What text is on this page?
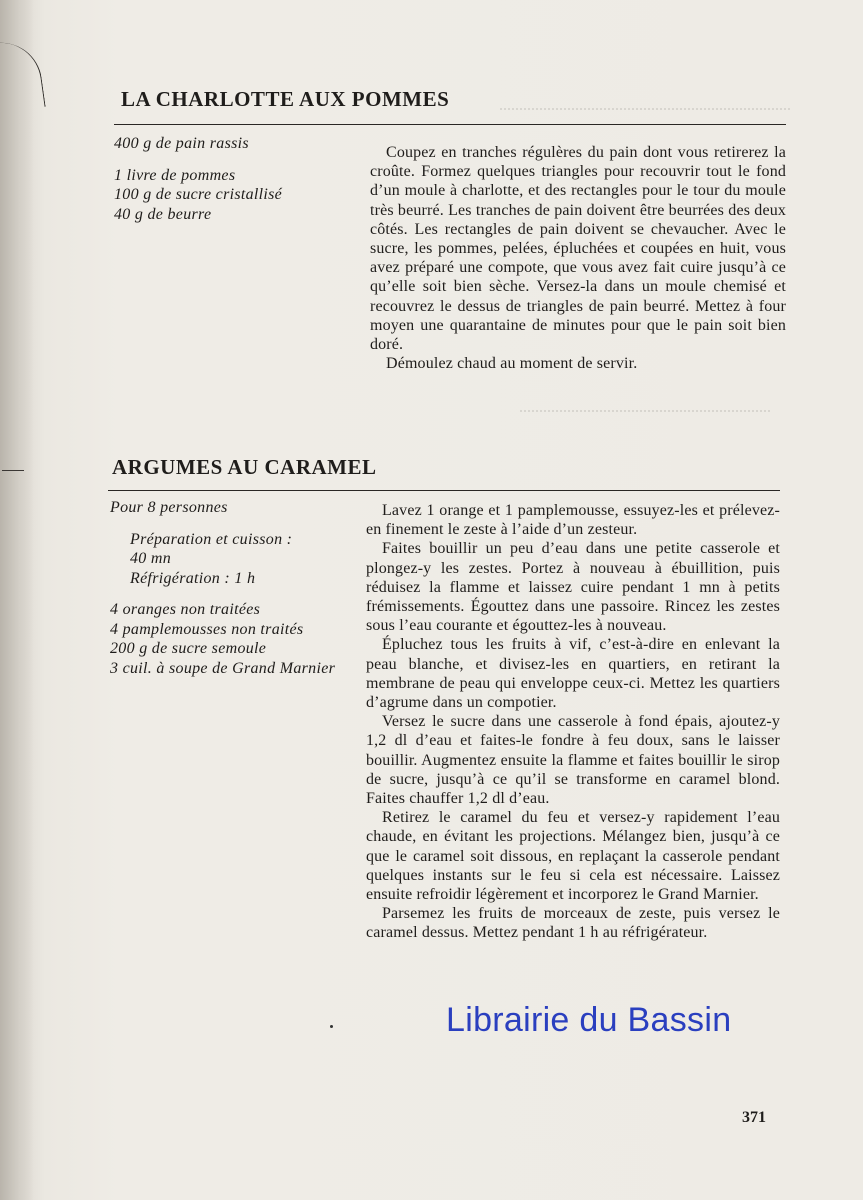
LA CHARLOTTE AUX POMMES

400 g de pain rassis

1 livre de pommes

100 g de sucre cristallisé

40 g de beurre

Coupez en tranches régulères du pain dont vous retirerez la croûte. Formez quelques triangles pour recouvrir tout le fond d’un moule à charlotte, et des rectangles pour le tour du moule très beurré. Les tranches de pain doivent être beurrées des deux côtés. Les rectangles de pain doivent se chevaucher. Avec le sucre, les pommes, pelées, épluchées et coupées en huit, vous avez préparé une compote, que vous avez fait cuire jusqu’à ce qu’elle soit bien sèche. Versez-la dans un moule chemisé et recouvrez le dessus de triangles de pain beurré. Mettez à four moyen une quarantaine de minutes pour que le pain soit bien doré.

Démoulez chaud au moment de servir.

ARGUMES AU CARAMEL

Pour 8 personnes

Préparation et cuisson :

40 mn

Réfrigération : 1 h

4 oranges non traitées

4 pamplemousses non traités

200 g de sucre semoule

3 cuil. à soupe de Grand Marnier

Lavez 1 orange et 1 pamplemousse, essuyez-les et prélevez-en finement le zeste à l’aide d’un zesteur.

Faites bouillir un peu d’eau dans une petite casserole et plongez-y les zestes. Portez à nouveau à ébuillition, puis réduisez la flamme et laissez cuire pendant 1 mn à petits frémissements. Égouttez dans une passoire. Rincez les zestes sous l’eau courante et égouttez-les à nouveau.

Épluchez tous les fruits à vif, c’est-à-dire en enlevant la peau blanche, et divisez-les en quartiers, en retirant la membrane de peau qui enveloppe ceux-ci. Mettez les quartiers d’agrume dans un compotier.

Versez le sucre dans une casserole à fond épais, ajoutez-y 1,2 dl d’eau et faites-le fondre à feu doux, sans le laisser bouillir. Augmentez ensuite la flamme et faites bouillir le sirop de sucre, jusqu’à ce qu’il se transforme en caramel blond. Faites chauffer 1,2 dl d’eau.

Retirez le caramel du feu et versez-y rapidement l’eau chaude, en évitant les projections. Mélangez bien, jusqu’à ce que le caramel soit dissous, en replaçant la casserole pendant quelques instants sur le feu si cela est nécessaire. Laissez ensuite refroidir légèrement et incorporez le Grand Marnier.

Parsemez les fruits de morceaux de zeste, puis versez le caramel dessus. Mettez pendant 1 h au réfrigérateur.

Librairie du Bassin
371
